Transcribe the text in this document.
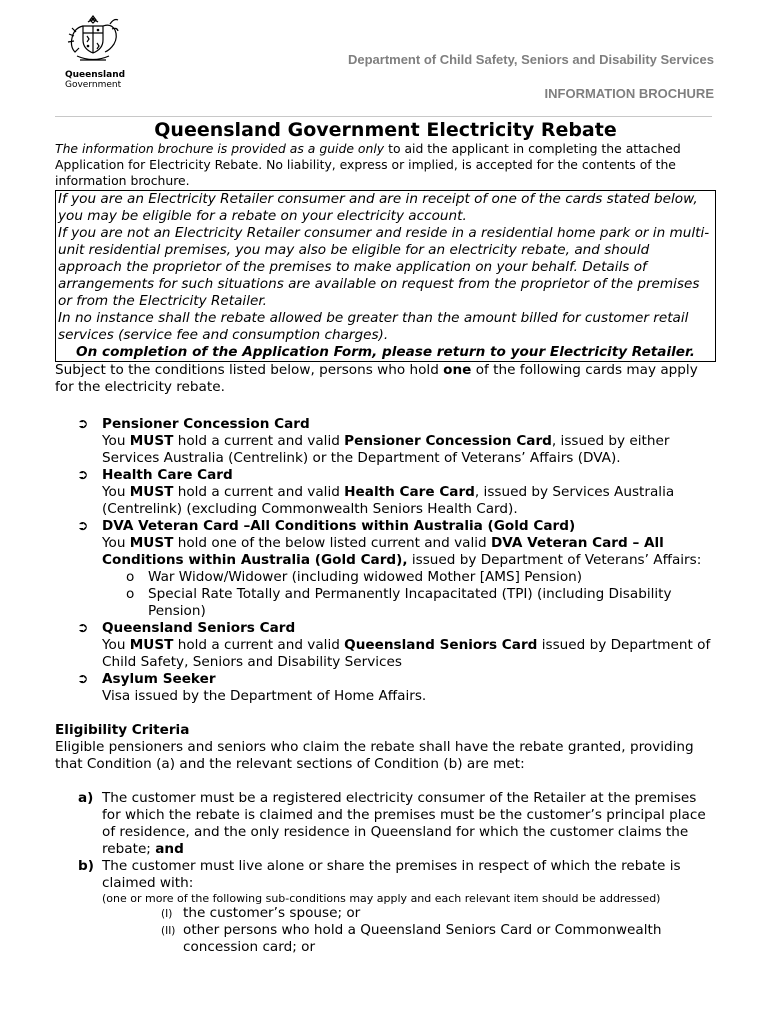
Queensland
Government
Department of Child Safety, Seniors and Disability Services
INFORMATION BROCHURE
Queensland Government Electricity Rebate

The information brochure is provided as a guide only to aid the applicant in completing the attached Application for Electricity Rebate. No liability, express or implied, is accepted for the contents of the information brochure.

If you are an Electricity Retailer consumer and are in receipt of one of the cards stated below, you may be eligible for a rebate on your electricity account.

If you are not an Electricity Retailer consumer and reside in a residential home park or in multi-unit residential premises, you may also be eligible for an electricity rebate, and should approach the proprietor of the premises to make application on your behalf. Details of arrangements for such situations are available on request from the proprietor of the premises or from the Electricity Retailer.

In no instance shall the rebate allowed be greater than the amount billed for customer retail services (service fee and consumption charges).

On completion of the Application Form, please return to your Electricity Retailer.

Subject to the conditions listed below, persons who hold one of the following cards may apply for the electricity rebate.

➲ Pensioner Concession Card
You MUST hold a current and valid Pensioner Concession Card, issued by either Services Australia (Centrelink) or the Department of Veterans’ Affairs (DVA).
➲ Health Care Card
You MUST hold a current and valid Health Care Card, issued by Services Australia (Centrelink) (excluding Commonwealth Seniors Health Card).
➲ DVA Veteran Card –All Conditions within Australia (Gold Card)
You MUST hold one of the below listed current and valid DVA Veteran Card – All Conditions within Australia (Gold Card), issued by Department of Veterans’ Affairs:
o War Widow/Widower (including widowed Mother [AMS] Pension)
o Special Rate Totally and Permanently Incapacitated (TPI) (including Disability Pension)
➲ Queensland Seniors Card
You MUST hold a current and valid Queensland Seniors Card issued by Department of Child Safety, Seniors and Disability Services
➲ Asylum Seeker
Visa issued by the Department of Home Affairs.
Eligibility Criteria

Eligible pensioners and seniors who claim the rebate shall have the rebate granted, providing that Condition (a) and the relevant sections of Condition (b) are met:

a) The customer must be a registered electricity consumer of the Retailer at the premises for which the rebate is claimed and the premises must be the customer’s principal place of residence, and the only residence in Queensland for which the customer claims the rebate; and
b) The customer must live alone or share the premises in respect of which the rebate is claimed with:
(one or more of the following sub-conditions may apply and each relevant item should be addressed)
(I) the customer’s spouse; or
(II) other persons who hold a Queensland Seniors Card or Commonwealth concession card; or
